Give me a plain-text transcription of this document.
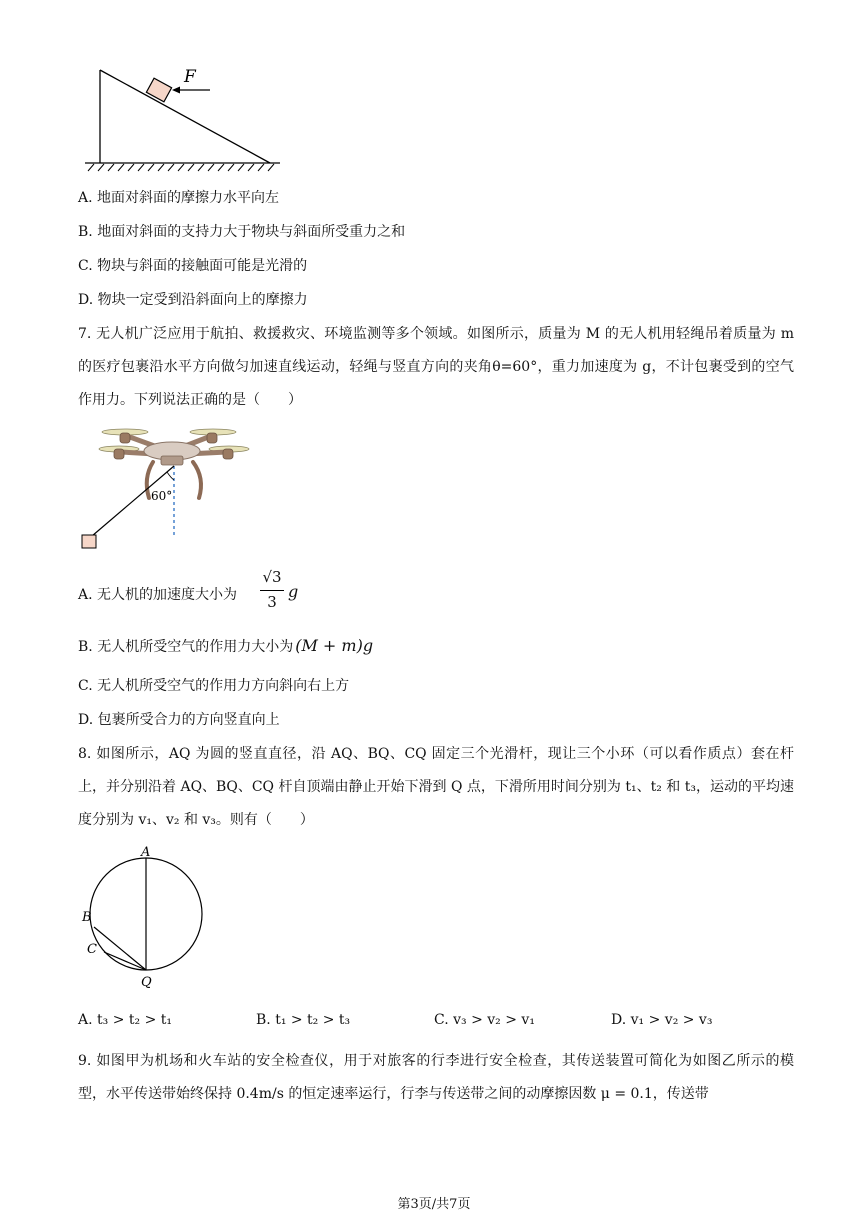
F
A. 地面对斜面的摩擦力水平向左
B. 地面对斜面的支持力大于物块与斜面所受重力之和
C. 物块与斜面的接触面可能是光滑的
D. 物块一定受到沿斜面向上的摩擦力
7. 无人机广泛应用于航拍、救援救灾、环境监测等多个领域。如图所示，质量为 M 的无人机用轻绳吊着质量为 m 的医疗包裹沿水平方向做匀加速直线运动，轻绳与竖直方向的夹角θ=60°，重力加速度为 g，不计包裹受到的空气作用力。下列说法正确的是（　　）
60°
A. 无人机的加速度大小为
√3
3
g
B. 无人机所受空气的作用力大小为 (M + m)g
C. 无人机所受空气的作用力方向斜向右上方
D. 包裹所受合力的方向竖直向上
8. 如图所示，AQ 为圆的竖直直径，沿 AQ、BQ、CQ 固定三个光滑杆，现让三个小环（可以看作质点）套在杆上，并分别沿着 AQ、BQ、CQ 杆自顶端由静止开始下滑到 Q 点，下滑所用时间分别为 t₁、t₂ 和 t₃，运动的平均速度分别为 v₁、v₂ 和 v₃。则有（　　）
A
B
C
Q
A. t₃ > t₂ > t₁	B. t₁ > t₂ > t₃	C. v₃ > v₂ > v₁	D. v₁ > v₂ > v₃
9. 如图甲为机场和火车站的安全检查仪，用于对旅客的行李进行安全检查，其传送装置可简化为如图乙所示的模型，水平传送带始终保持 0.4m/s 的恒定速率运行，行李与传送带之间的动摩擦因数 μ = 0.1，传送带
第3页/共7页
